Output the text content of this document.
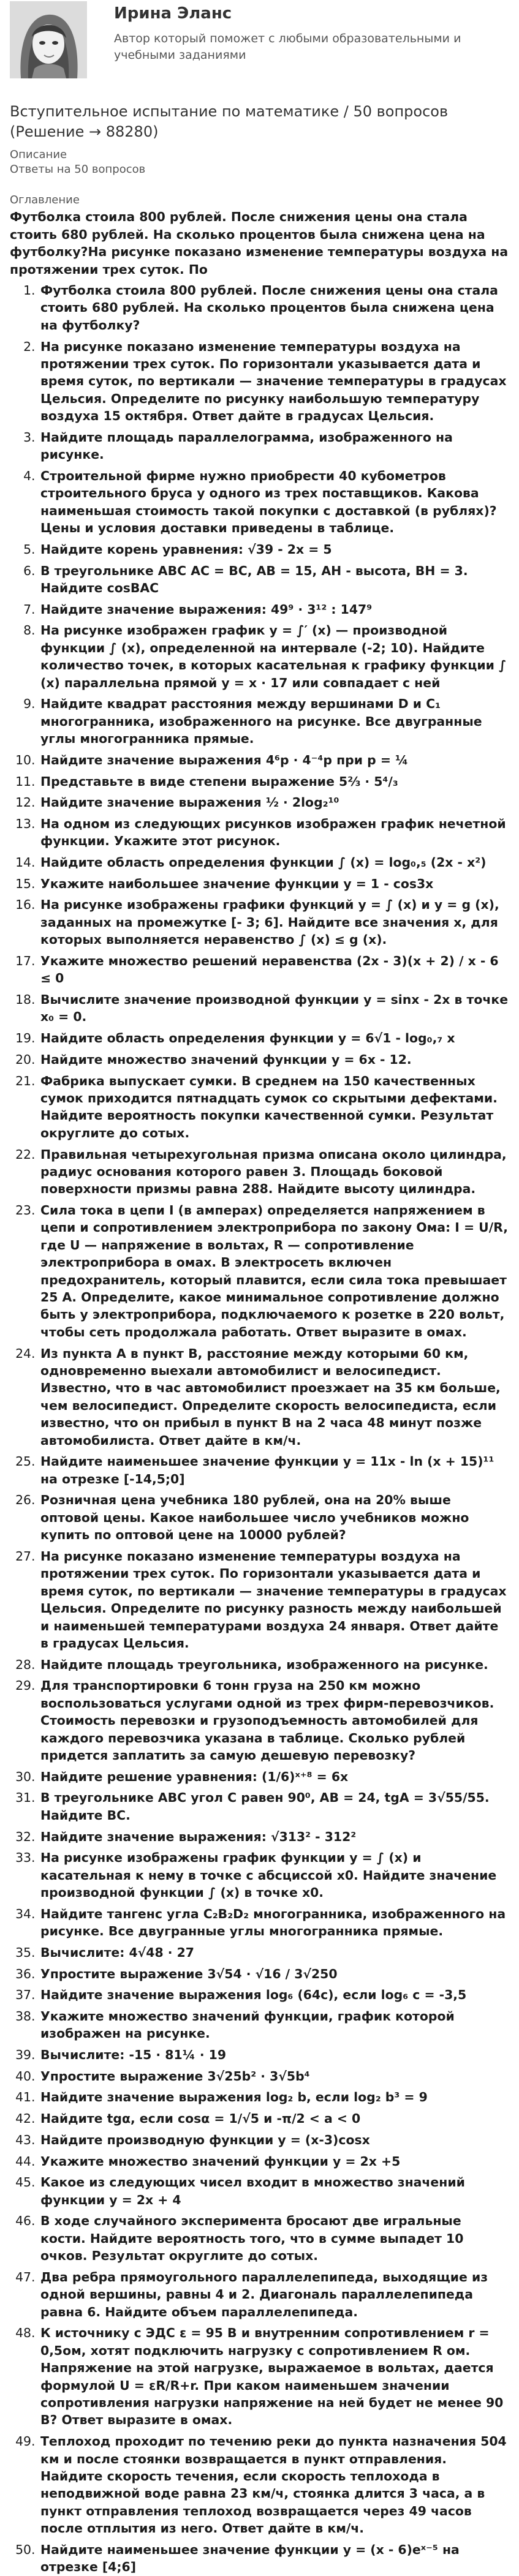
Ирина Эланс
Автор который поможет с любыми образовательными и учебными заданиями
Вступительное испытание по математике / 50 вопросов (Решение → 88280)
Описание
Ответы на 50 вопросов
Оглавление
Футболка стоила 800 рублей. После снижения цены она стала стоить 680 рублей. На сколько процентов была снижена цена на футболку?На рисунке показано изменение температуры воздуха на протяжении трех суток. По
1. Футболка стоила 800 рублей. После снижения цены она стала стоить 680 рублей. На сколько процентов была снижена цена на футболку?
2. На рисунке показано изменение температуры воздуха на протяжении трех суток. По горизонтали указывается дата и время суток, по вертикали — значение температуры в градусах Цельсия. Определите по рисунку наибольшую температуру воздуха 15 октября. Ответ дайте в градусах Цельсия.
3. Найдите площадь параллелограмма, изображенного на рисунке.
4. Строительной фирме нужно приобрести 40 кубометров строительного бруса у одного из трех поставщиков. Какова наименьшая стоимость такой покупки с доставкой (в рублях)? Цены и условия доставки приведены в таблице.
5. Найдите корень уравнения: √39 - 2x = 5
6. В треугольнике ABC AC = BC, AB = 15, AH - высота, BH = 3. Найдите cosBAC
7. Найдите значение выражения: 49⁹ · 3¹² : 147⁹
8. На рисунке изображен график y = ∫′ (x) — производной функции ∫ (x), определенной на интервале (-2; 10). Найдите количество точек, в которых касательная к графику функции ∫ (x) параллельна прямой y = x · 17 или совпадает с ней
9. Найдите квадрат расстояния между вершинами D и C₁ многогранника, изображенного на рисунке. Все двугранные углы многогранника прямые.
10. Найдите значение выражения 4⁶p · 4⁻⁴p при p = ¼
11. Представьте в виде степени выражение 5⅔ · 5⁴/₃
12. Найдите значение выражения ½ · 2log₂¹⁰
13. На одном из следующих рисунков изображен график нечетной функции. Укажите этот рисунок.
14. Найдите область определения функции ∫ (x) = log₀,₅ (2x - x²)
15. Укажите наибольшее значение функции y = 1 - cos3x
16. На рисунке изображены графики функций y = ∫ (x) и y = g (x), заданных на промежутке [- 3; 6]. Найдите все значения x, для которых выполняется неравенство ∫ (x) ≤ g (x).
17. Укажите множество решений неравенства (2x - 3)(x + 2) / x - 6 ≤ 0
18. Вычислите значение производной функции y = sinx - 2x в точке x₀ = 0.
19. Найдите область определения функции y = 6√1 - log₀,₇ x
20. Найдите множество значений функции y = 6x - 12.
21. Фабрика выпускает сумки. В среднем на 150 качественных сумок приходится пятнадцать сумок со скрытыми дефектами. Найдите вероятность покупки качественной сумки. Результат округлите до сотых.
22. Правильная четырехугольная призма описана около цилиндра, радиус основания которого равен 3. Площадь боковой поверхности призмы равна 288. Найдите высоту цилиндра.
23. Сила тока в цепи I (в амперах) определяется напряжением в цепи и сопротивлением электроприбора по закону Ома: I = U/R, где U — напряжение в вольтах, R — сопротивление электроприбора в омах. В электросеть включен предохранитель, который плавится, если сила тока превышает 25 А. Определите, какое минимальное сопротивление должно быть у электроприбора, подключаемого к розетке в 220 вольт, чтобы сеть продолжала работать. Ответ выразите в омах.
24. Из пункта А в пункт В, расстояние между которыми 60 км, одновременно выехали автомобилист и велосипедист. Известно, что в час автомобилист проезжает на 35 км больше, чем велосипедист. Определите скорость велосипедиста, если известно, что он прибыл в пункт В на 2 часа 48 минут позже автомобилиста. Ответ дайте в км/ч.
25. Найдите наименьшее значение функции y = 11x - ln (x + 15)¹¹ на отрезке [-14,5;0]
26. Розничная цена учебника 180 рублей, она на 20% выше оптовой цены. Какое наибольшее число учебников можно купить по оптовой цене на 10000 рублей?
27. На рисунке показано изменение температуры воздуха на протяжении трех суток. По горизонтали указывается дата и время суток, по вертикали — значение температуры в градусах Цельсия. Определите по рисунку разность между наибольшей и наименьшей температурами воздуха 24 января. Ответ дайте в градусах Цельсия.
28. Найдите площадь треугольника, изображенного на рисунке.
29. Для транспортировки 6 тонн груза на 250 км можно воспользоваться услугами одной из трех фирм-перевозчиков. Стоимость перевозки и грузоподъемность автомобилей для каждого перевозчика указана в таблице. Сколько рублей придется заплатить за самую дешевую перевозку?
30. Найдите решение уравнения: (1/6)ˣ⁺⁸ = 6x
31. В треугольнике ABC угол C равен 90⁰, AB = 24, tgA = 3√55/55. Найдите BC.
32. Найдите значение выражения: √313² - 312²
33. На рисунке изображены график функции y = ∫ (x) и касательная к нему в точке с абсциссой x0. Найдите значение производной функции ∫ (x) в точке x0.
34. Найдите тангенс угла C₂B₂D₂ многогранника, изображенного на рисунке. Все двугранные углы многогранника прямые.
35. Вычислите: 4√48 · 27
36. Упростите выражение 3√54 · √16 / 3√250
37. Найдите значение выражения log₆ (64c), если log₆ c = -3,5
38. Укажите множество значений функции, график которой изображен на рисунке.
39. Вычислите: -15 · 81¼ · 19
40. Упростите выражение 3√25b² · 3√5b⁴
41. Найдите значение выражения log₂ b, если log₂ b³ = 9
42. Найдите tgα, если cosα = 1/√5 и -π/2 < a < 0
43. Найдите производную функции y = (x-3)cosx
44. Укажите множество значений функции y = 2x +5
45. Какое из следующих чисел входит в множество значений функции y = 2x + 4
46. В ходе случайного эксперимента бросают две игральные кости. Найдите вероятность того, что в сумме выпадет 10 очков. Результат округлите до сотых.
47. Два ребра прямоугольного параллелепипеда, выходящие из одной вершины, равны 4 и 2. Диагональ параллелепипеда равна 6. Найдите объем параллелепипеда.
48. К источнику с ЭДС ε = 95 В и внутренним сопротивлением r = 0,5ом, хотят подключить нагрузку с сопротивлением R ом. Напряжение на этой нагрузке, выражаемое в вольтах, дается формулой U = εR/R+r. При каком наименьшем значении сопротивления нагрузки напряжение на ней будет не менее 90 В? Ответ выразите в омах.
49. Теплоход проходит по течению реки до пункта назначения 504 км и после стоянки возвращается в пункт отправления. Найдите скорость течения, если скорость теплохода в неподвижной воде равна 23 км/ч, стоянка длится 3 часа, а в пункт отправления теплоход возвращается через 49 часов после отплытия из него. Ответ дайте в км/ч.
50. Найдите наименьшее значение функции y = (x - 6)eˣ⁻⁵ на отрезке [4;6]
